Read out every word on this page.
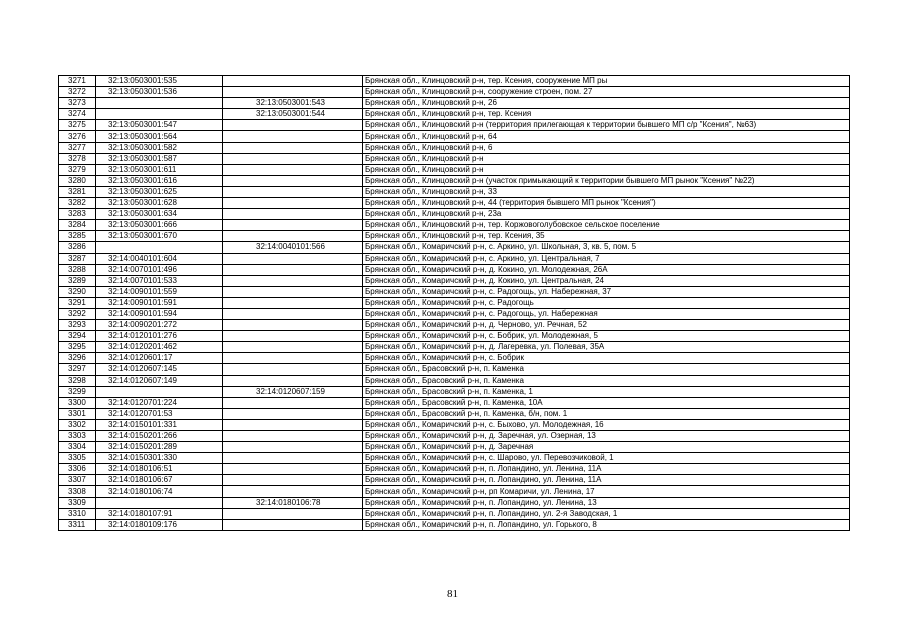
3271	32:13:0503001:535		Брянская обл., Клинцовский р-н, тер. Ксения, сооружение МП ры
3272	32:13:0503001:536		Брянская обл., Клинцовский р-н, сооружение строен, пом. 27
3273		32:13:0503001:543	Брянская обл., Клинцовский р-н, 26
3274		32:13:0503001:544	Брянская обл., Клинцовский р-н, тер. Ксения
3275	32:13:0503001:547		Брянская обл., Клинцовский р-н (территория прилегающая к территории бывшего МП с/р "Ксения", №63)
3276	32:13:0503001:564		Брянская обл., Клинцовский р-н, 64
3277	32:13:0503001:582		Брянская обл., Клинцовский р-н, 6
3278	32:13:0503001:587		Брянская обл., Клинцовский р-н
3279	32:13:0503001:611		Брянская обл., Клинцовский р-н
3280	32:13:0503001:616		Брянская обл., Клинцовский р-н (участок примыкающий к территории бывшего МП рынок "Ксения" №22)
3281	32:13:0503001:625		Брянская обл., Клинцовский р-н, 33
3282	32:13:0503001:628		Брянская обл., Клинцовский р-н, 44 (территория бывшего МП рынок "Ксения")
3283	32:13:0503001:634		Брянская обл., Клинцовский р-н, 23а
3284	32:13:0503001:666		Брянская обл., Клинцовский р-н, тер. Коржовоголубовское сельское поселение
3285	32:13:0503001:670		Брянская обл., Клинцовский р-н, тер. Ксения, 35
3286		32:14:0040101:566	Брянская обл., Комаричский р-н, с. Аркино, ул. Школьная, 3, кв. 5, пом. 5
3287	32:14:0040101:604		Брянская обл., Комаричский р-н, с. Аркино, ул. Центральная, 7
3288	32:14:0070101:496		Брянская обл., Комаричский р-н, д. Кокино, ул. Молодежная, 26А
3289	32:14:0070101:533		Брянская обл., Комаричский р-н, д. Кокино, ул. Центральная, 24
3290	32:14:0090101:559		Брянская обл., Комаричский р-н, с. Радогощь, ул. Набережная, 37
3291	32:14:0090101:591		Брянская обл., Комаричский р-н, с. Радогощь
3292	32:14:0090101:594		Брянская обл., Комаричский р-н, с. Радогощь, ул. Набережная
3293	32:14:0090201:272		Брянская обл., Комаричский р-н, д. Черново, ул. Речная, 52
3294	32:14:0120101:276		Брянская обл., Комаричский р-н, с. Бобрик, ул. Молодежная, 5
3295	32:14:0120201:462		Брянская обл., Комаричский р-н, д. Лагеревка, ул. Полевая, 35А
3296	32:14:0120601:17		Брянская обл., Комаричский р-н, с. Бобрик
3297	32:14:0120607:145		Брянская обл., Брасовский р-н, п. Каменка
3298	32:14:0120607:149		Брянская обл., Брасовский р-н, п. Каменка
3299		32:14:0120607:159	Брянская обл., Брасовский р-н, п. Каменка, 1
3300	32:14:0120701:224		Брянская обл., Брасовский р-н, п. Каменка, 10А
3301	32:14:0120701:53		Брянская обл., Брасовский р-н, п. Каменка, б/н, пом. 1
3302	32:14:0150101:331		Брянская обл., Комаричский р-н, с. Быхово, ул. Молодежная, 16
3303	32:14:0150201:266		Брянская обл., Комаричский р-н, д. Заречная, ул. Озерная, 13
3304	32:14:0150201:289		Брянская обл., Комаричский р-н, д. Заречная
3305	32:14:0150301:330		Брянская обл., Комаричский р-н, с. Шарово, ул. Перевозчиковой, 1
3306	32:14:0180106:51		Брянская обл., Комаричский р-н, п. Лопандино, ул. Ленина, 11А
3307	32:14:0180106:67		Брянская обл., Комаричский р-н, п. Лопандино, ул. Ленина, 11А
3308	32:14:0180106:74		Брянская обл., Комаричский р-н, рп Комаричи, ул. Ленина, 17
3309		32:14:0180106:78	Брянская обл., Комаричский р-н, п. Лопандино, ул. Ленина, 13
3310	32:14:0180107:91		Брянская обл., Комаричский р-н, п. Лопандино, ул. 2-я Заводская, 1
3311	32:14:0180109:176		Брянская обл., Комаричский р-н, п. Лопандино, ул. Горького, 8
81
